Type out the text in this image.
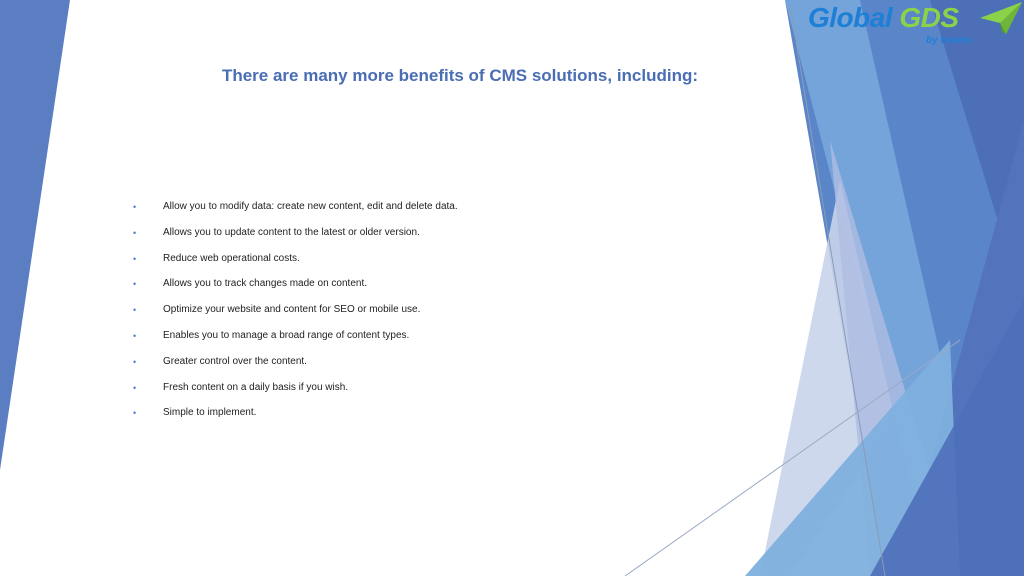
Global GDS
by trawex
There are many more benefits of CMS solutions, including:
•	Allow you to modify data: create new content, edit and delete data.
•	Allows you to update content to the latest or older version.
•	Reduce web operational costs.
•	Allows you to track changes made on content.
•	Optimize your website and content for SEO or mobile use.
•	Enables you to manage a broad range of content types.
•	Greater control over the content.
•	Fresh content on a daily basis if you wish.
•	Simple to implement.
